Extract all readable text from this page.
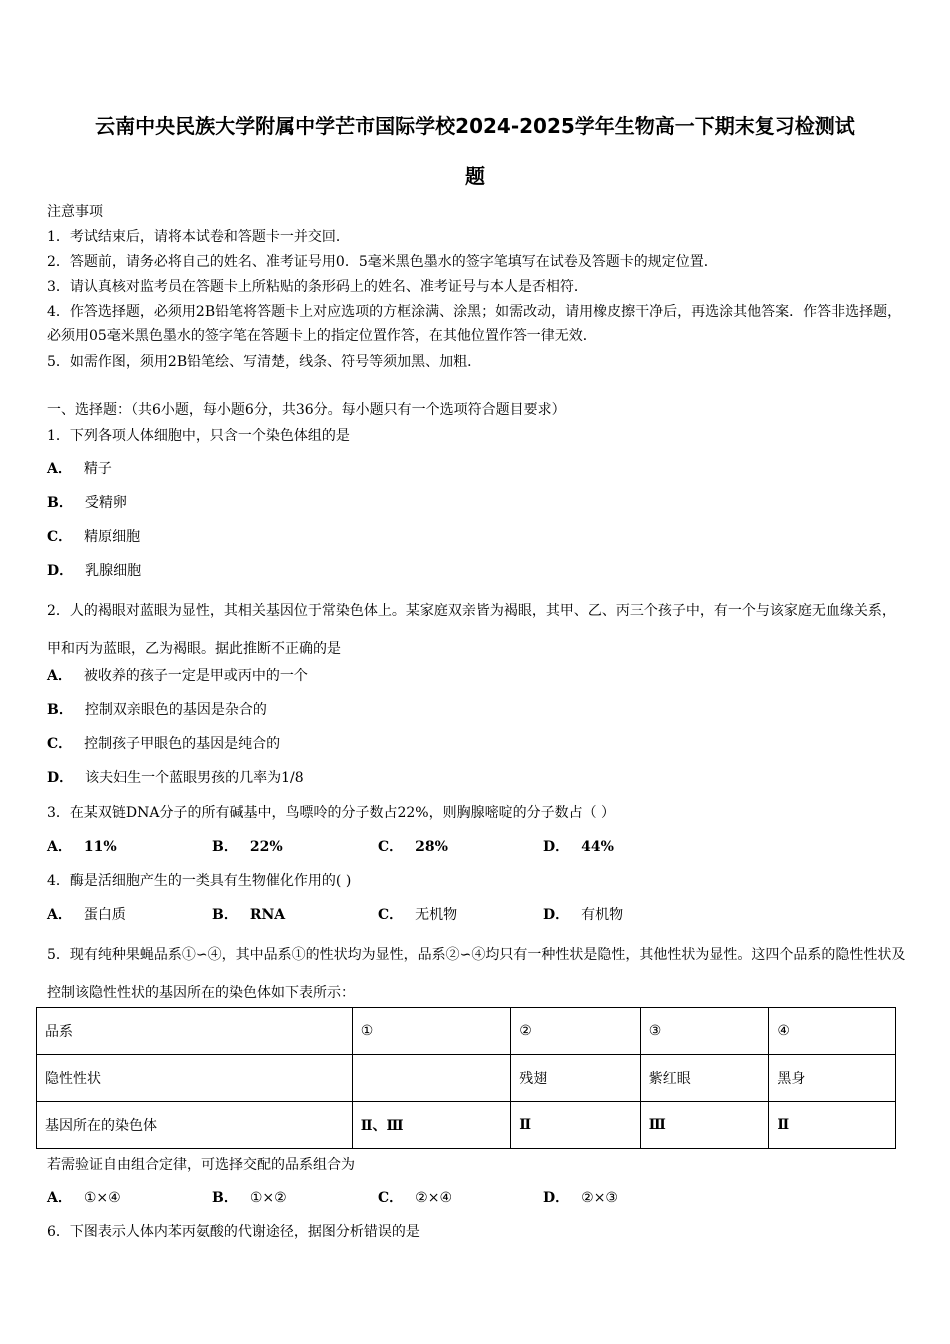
云南中央民族大学附属中学芒市国际学校2024-2025学年生物高一下期末复习检测试
题
注意事项
1．考试结束后，请将本试卷和答题卡一并交回．
2．答题前，请务必将自己的姓名、准考证号用0．5毫米黑色墨水的签字笔填写在试卷及答题卡的规定位置．
3．请认真核对监考员在答题卡上所粘贴的条形码上的姓名、准考证号与本人是否相符．
4．作答选择题，必须用2B铅笔将答题卡上对应选项的方框涂满、涂黑；如需改动，请用橡皮擦干净后，再选涂其他答案．作答非选择题，必须用05毫米黑色墨水的签字笔在答题卡上的指定位置作答，在其他位置作答一律无效．
5．如需作图，须用2B铅笔绘、写清楚，线条、符号等须加黑、加粗．
一、选择题：（共6小题，每小题6分，共36分。每小题只有一个选项符合题目要求）
1．下列各项人体细胞中，只含一个染色体组的是
A． 精子
B． 受精卵
C． 精原细胞
D． 乳腺细胞
2．人的褐眼对蓝眼为显性，其相关基因位于常染色体上。某家庭双亲皆为褐眼，其甲、乙、丙三个孩子中，有一个与该家庭无血缘关系，甲和丙为蓝眼，乙为褐眼。据此推断不正确的是
A． 被收养的孩子一定是甲或丙中的一个
B． 控制双亲眼色的基因是杂合的
C． 控制孩子甲眼色的基因是纯合的
D． 该夫妇生一个蓝眼男孩的几率为1/8
3．在某双链DNA分子的所有碱基中，鸟嘌呤的分子数占22%，则胸腺嘧啶的分子数占（ ）
A． 11%	B． 22%	C． 28%	D． 44%
4．酶是活细胞产生的一类具有生物催化作用的( )
A． 蛋白质	B． RNA	C． 无机物	D． 有机物
5．现有纯种果蝇品系①∽④，其中品系①的性状均为显性，品系②∽④均只有一种性状是隐性，其他性状为显性。这四个品系的隐性性状及控制该隐性性状的基因所在的染色体如下表所示：
品系	①	②	③	④
隐性性状		残翅	紫红眼	黑身
基因所在的染色体	Ⅱ、Ⅲ	Ⅱ	Ⅲ	Ⅱ
若需验证自由组合定律，可选择交配的品系组合为
A． ①×④	B． ①×②	C． ②×④	D． ②×③
6．下图表示人体内苯丙氨酸的代谢途径，据图分析错误的是
